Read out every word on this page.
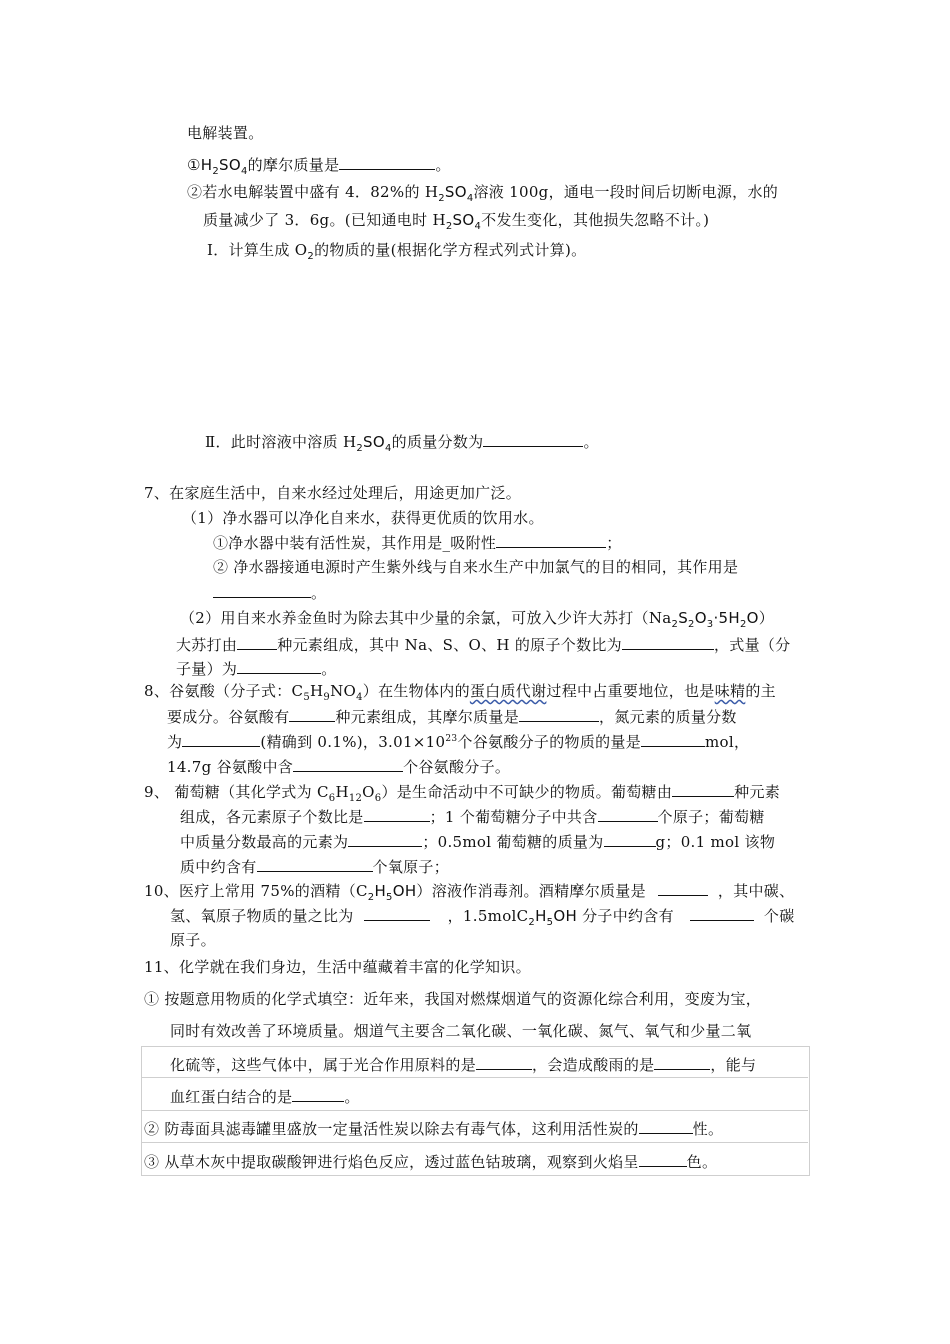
电解装置。
$①H_2SO_4$的摩尔质量是	。
②若水电解装置中盛有 4．82%的 $H_2SO_4$溶液 100g，通电一段时间后切断电源，水的
质量减少了 3．6g。(已知通电时 $H_2SO_4$不发生变化，其他损失忽略不计。)
Ⅰ．计算生成 $O_2$的物质的量(根据化学方程式列式计算)。
Ⅱ．此时溶液中溶质 $H_2SO_4$的质量分数为	。
7、在家庭生活中，自来水经过处理后，用途更加广泛。
（1）净水器可以净化自来水，获得更优质的饮用水。
①净水器中装有活性炭，其作用是_吸附性	；
② 净水器接通电源时产生紫外线与自来水生产中加氯气的目的相同，其作用是
。
（2）用自来水养金鱼时为除去其中少量的余氯，可放入少许大苏打$(Na_2S_2O_3\cdot 5H_2O)$
大苏打由	种元素组成，其中 Na、S、O、H 的原子个数比为	，式量（分
子量）为	。
8、谷氨酸（分子式：$C_5H_9NO_4$）在生物体内的蛋白质代谢过程中占重要地位，也是味精的主
要成分。谷氨酸有	种元素组成，其摩尔质量是	，氮元素的质量分数
为	(精确到 0.1%)，$3.01\times 10^{23}$个谷氨酸分子的物质的量是	mol，
14.7g 谷氨酸中含	个谷氨酸分子。
9、 葡萄糖（其化学式为 $C_6H_{12}O_6$）是生命活动中不可缺少的物质。葡萄糖由	种元素
组成，各元素原子个数比是	；1 个葡萄糖分子中共含	个原子；葡萄糖
中质量分数最高的元素为	；0.5mol 葡萄糖的质量为	g；0.1 mol 该物
质中约含有	个氧原子；
10、医疗上常用 75%的酒精$(C_2H_5OH)$溶液作消毒剂。酒精摩尔质量是	，其中碳、
氢、氧原子物质的量之比为	，$1.5molC_2H_5OH$ 分子中约含有	个碳
原子。
11、化学就在我们身边，生活中蕴藏着丰富的化学知识。
① 按题意用物质的化学式填空：近年来，我国对燃煤烟道气的资源化综合利用，变废为宝，
同时有效改善了环境质量。烟道气主要含二氧化碳、一氧化碳、氮气、氧气和少量二氧
化硫等，这些气体中，属于光合作用原料的是	，会造成酸雨的是	，能与
血红蛋白结合的是	。
② 防毒面具滤毒罐里盛放一定量活性炭以除去有毒气体，这利用活性炭的	性。
③ 从草木灰中提取碳酸钾进行焰色反应，透过蓝色钴玻璃，观察到火焰呈	色。
